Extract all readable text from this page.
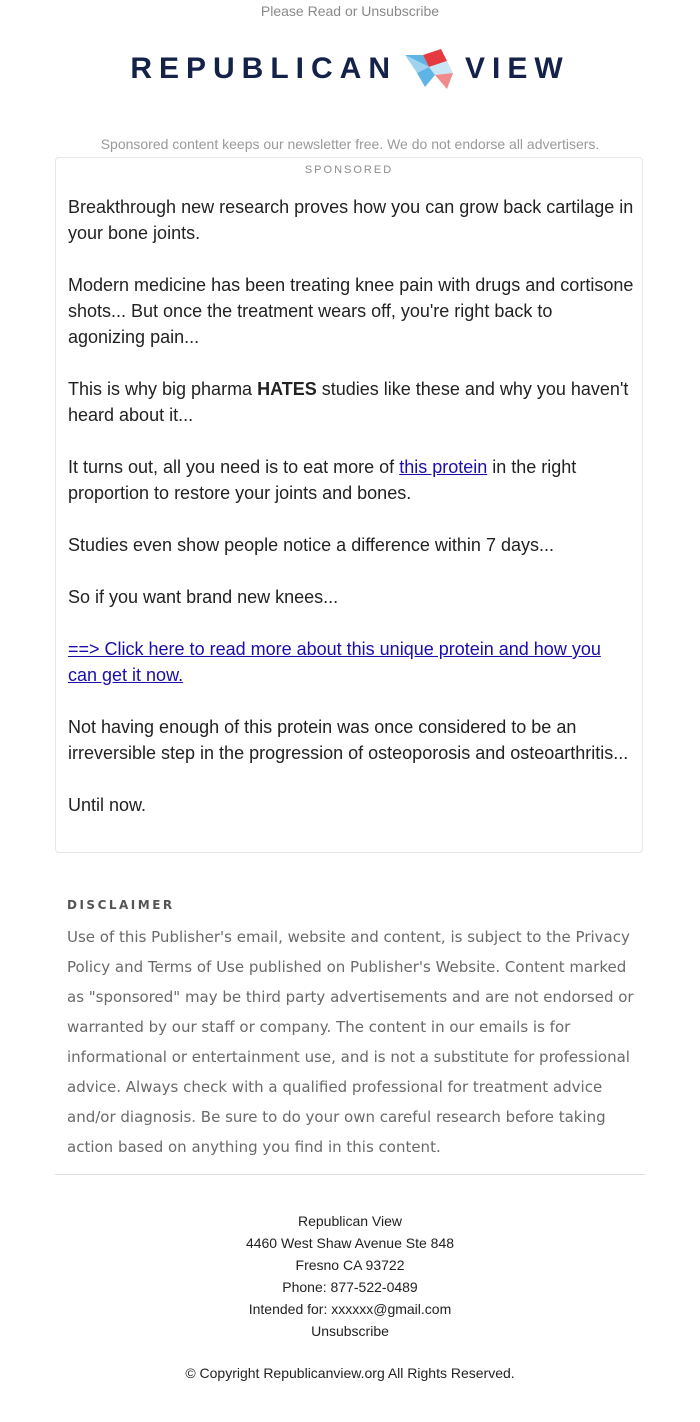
Please Read or Unsubscribe
REPUBLICAN VIEW
Sponsored content keeps our newsletter free. We do not endorse all advertisers.
SPONSORED

Breakthrough new research proves how you can grow back cartilage in your bone joints.

Modern medicine has been treating knee pain with drugs and cortisone shots... But once the treatment wears off, you're right back to agonizing pain...

This is why big pharma HATES studies like these and why you haven't heard about it...

It turns out, all you need is to eat more of this protein in the right proportion to restore your joints and bones.

Studies even show people notice a difference within 7 days...

So if you want brand new knees...

==> Click here to read more about this unique protein and how you can get it now.

Not having enough of this protein was once considered to be an irreversible step in the progression of osteoporosis and osteoarthritis...

Until now.

DISCLAIMER
Use of this Publisher's email, website and content, is subject to the Privacy Policy and Terms of Use published on Publisher's Website. Content marked as "sponsored" may be third party advertisements and are not endorsed or warranted by our staff or company. The content in our emails is for informational or entertainment use, and is not a substitute for professional advice. Always check with a qualified professional for treatment advice and/or diagnosis. Be sure to do your own careful research before taking action based on anything you find in this content.
Republican View
4460 West Shaw Avenue Ste 848
Fresno CA 93722
Phone: 877-522-0489
Intended for: xxxxxx@gmail.com
Unsubscribe
© Copyright Republicanview.org All Rights Reserved.
